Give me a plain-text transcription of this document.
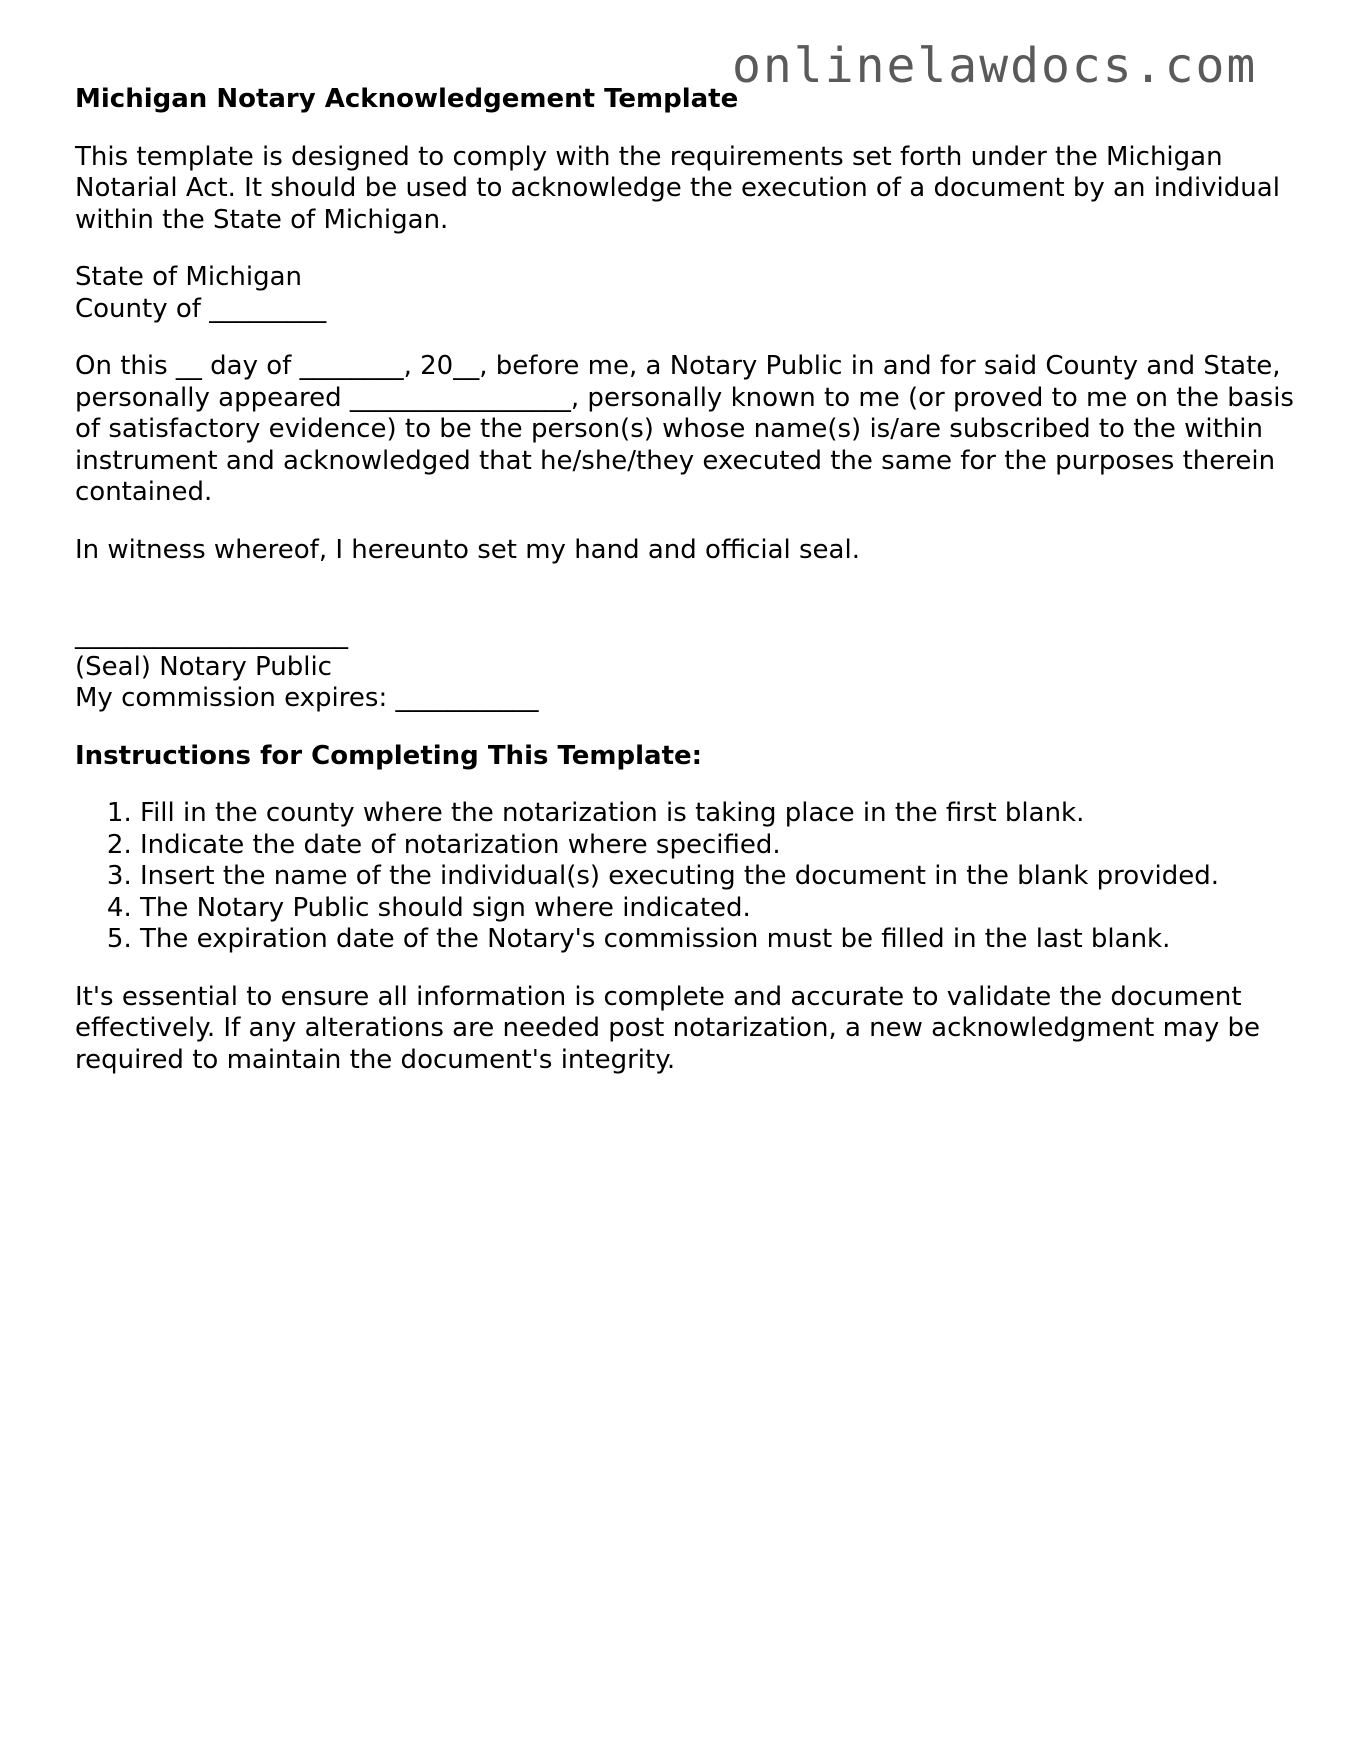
onlinelawdocs.com
Michigan Notary Acknowledgement Template

This template is designed to comply with the requirements set forth under the Michigan Notarial Act. It should be used to acknowledge the execution of a document by an individual within the State of Michigan.

State of Michigan
County of _________

On this __ day of ________, 20__, before me, a Notary Public in and for said County and State, personally appeared _________________, personally known to me (or proved to me on the basis of satisfactory evidence) to be the person(s) whose name(s) is/are subscribed to the within instrument and acknowledged that he/she/they executed the same for the purposes therein contained.

In witness whereof, I hereunto set my hand and official seal.

_____________________
(Seal) Notary Public
My commission expires: ___________

Instructions for Completing This Template:
1. Fill in the county where the notarization is taking place in the first blank.
2. Indicate the date of notarization where specified.
3. Insert the name of the individual(s) executing the document in the blank provided.
4. The Notary Public should sign where indicated.
5. The expiration date of the Notary's commission must be filled in the last blank.

It's essential to ensure all information is complete and accurate to validate the document effectively. If any alterations are needed post notarization, a new acknowledgment may be required to maintain the document's integrity.
